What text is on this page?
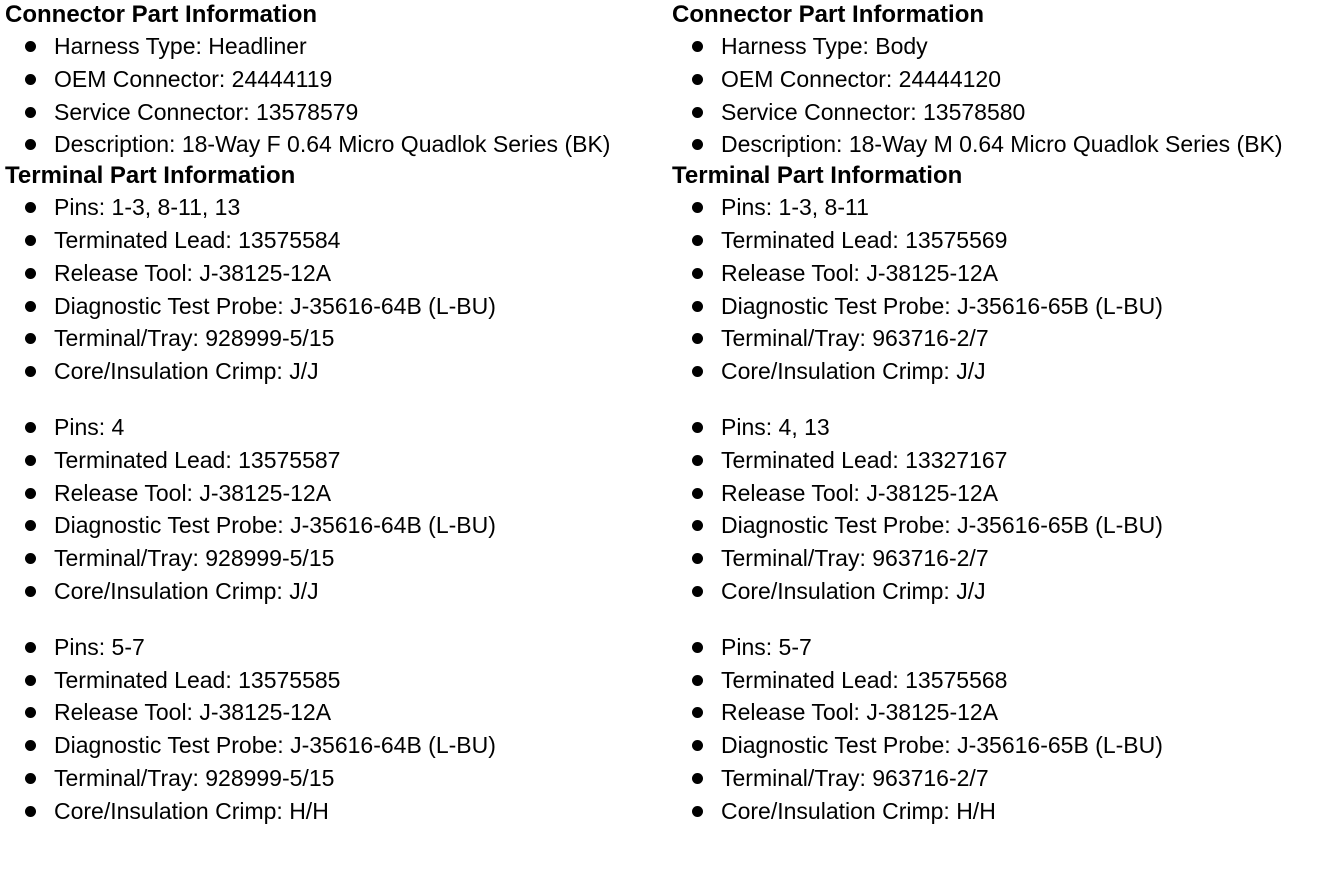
Connector Part Information
Harness Type: Headliner
OEM Connector: 24444119
Service Connector: 13578579
Description: 18-Way F 0.64 Micro Quadlok Series (BK)
Terminal Part Information
Pins: 1-3, 8-11, 13
Terminated Lead: 13575584
Release Tool: J-38125-12A
Diagnostic Test Probe: J-35616-64B (L-BU)
Terminal/Tray: 928999-5/15
Core/Insulation Crimp: J/J
Pins: 4
Terminated Lead: 13575587
Release Tool: J-38125-12A
Diagnostic Test Probe: J-35616-64B (L-BU)
Terminal/Tray: 928999-5/15
Core/Insulation Crimp: J/J
Pins: 5-7
Terminated Lead: 13575585
Release Tool: J-38125-12A
Diagnostic Test Probe: J-35616-64B (L-BU)
Terminal/Tray: 928999-5/15
Core/Insulation Crimp: H/H
Connector Part Information
Harness Type: Body
OEM Connector: 24444120
Service Connector: 13578580
Description: 18-Way M 0.64 Micro Quadlok Series (BK)
Terminal Part Information
Pins: 1-3, 8-11
Terminated Lead: 13575569
Release Tool: J-38125-12A
Diagnostic Test Probe: J-35616-65B (L-BU)
Terminal/Tray: 963716-2/7
Core/Insulation Crimp: J/J
Pins: 4, 13
Terminated Lead: 13327167
Release Tool: J-38125-12A
Diagnostic Test Probe: J-35616-65B (L-BU)
Terminal/Tray: 963716-2/7
Core/Insulation Crimp: J/J
Pins: 5-7
Terminated Lead: 13575568
Release Tool: J-38125-12A
Diagnostic Test Probe: J-35616-65B (L-BU)
Terminal/Tray: 963716-2/7
Core/Insulation Crimp: H/H
